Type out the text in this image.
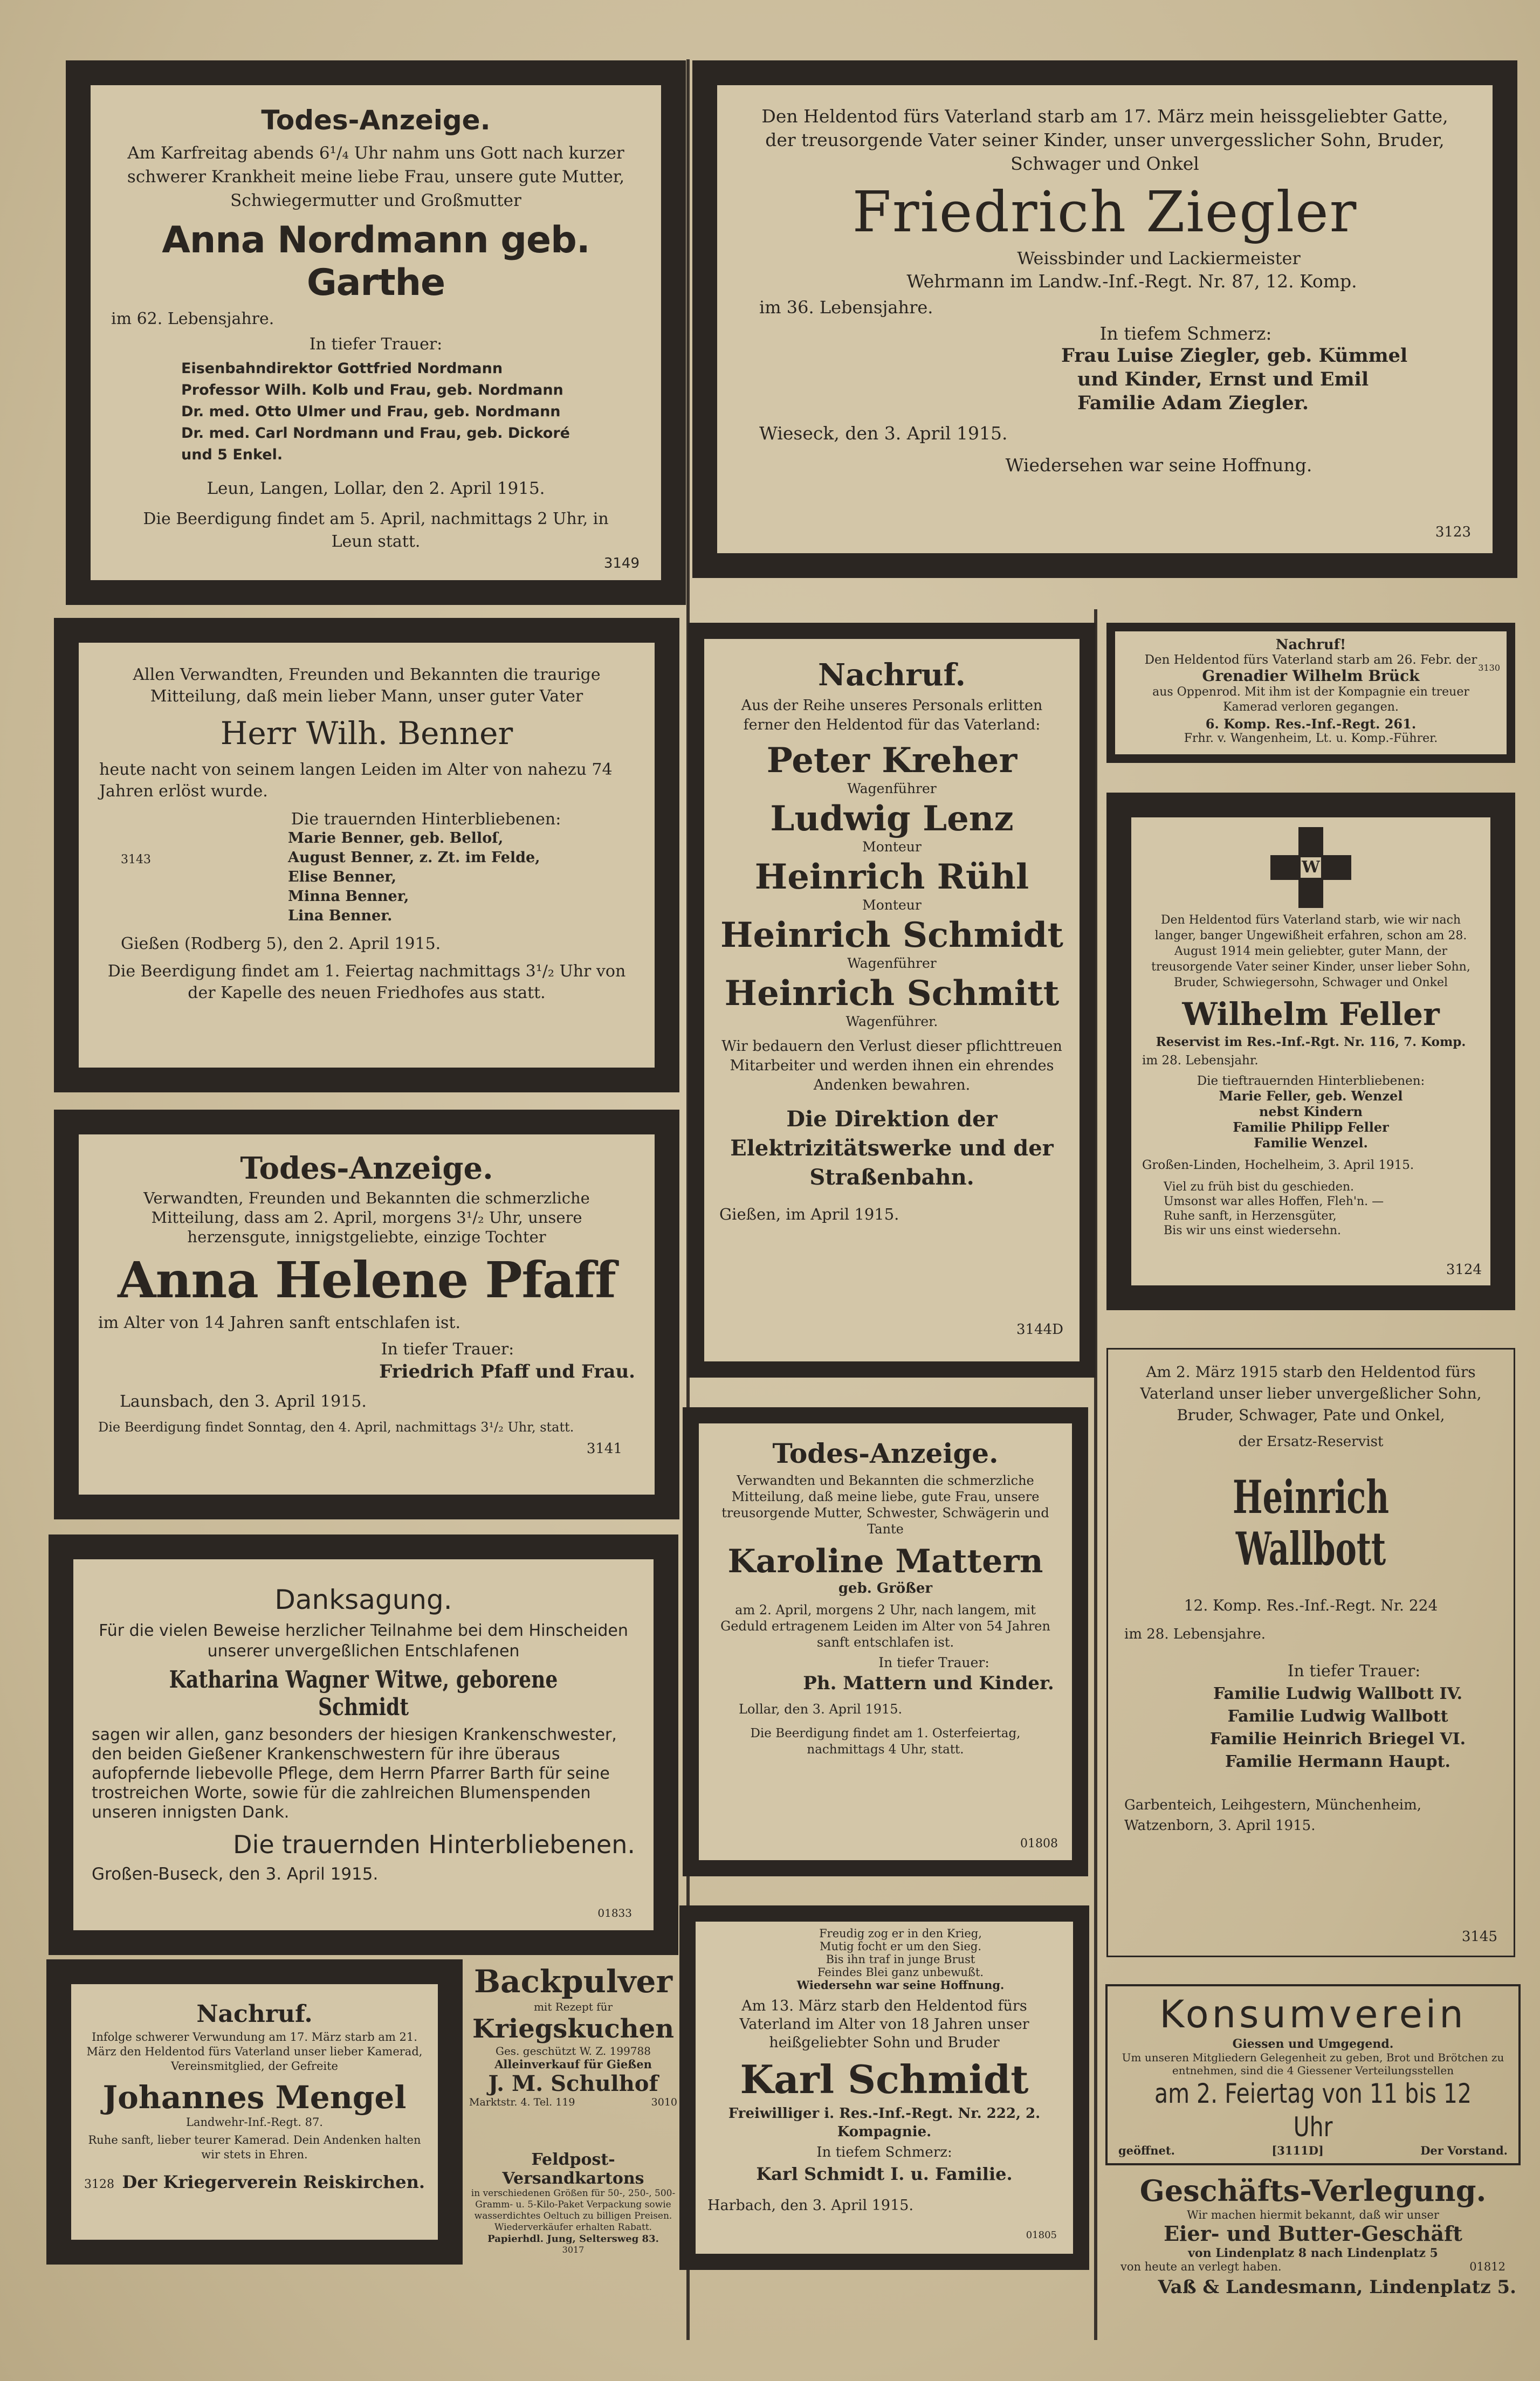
Todes-Anzeige.

Am Karfreitag abends 6¹/₄ Uhr nahm uns Gott nach kurzer schwerer Krankheit meine liebe Frau, unsere gute Mutter, Schwiegermutter und Großmutter

Anna Nordmann geb. Garthe

im 62. Lebensjahre.

In tiefer Trauer:

Eisenbahndirektor Gottfried Nordmann

Professor Wilh. Kolb und Frau, geb. Nordmann

Dr. med. Otto Ulmer und Frau, geb. Nordmann

Dr. med. Carl Nordmann und Frau, geb. Dickoré

und 5 Enkel.

Leun, Langen, Lollar, den 2. April 1915.

Die Beerdigung findet am 5. April, nachmittags 2 Uhr, in Leun statt.

3149

Den Heldentod fürs Vaterland starb am 17. März mein heissgeliebter Gatte, der treusorgende Vater seiner Kinder, unser unvergesslicher Sohn, Bruder, Schwager und Onkel

Friedrich Ziegler

Weissbinder und Lackiermeister

Wehrmann im Landw.-Inf.-Regt. Nr. 87, 12. Komp.

im 36. Lebensjahre.

In tiefem Schmerz:

Frau Luise Ziegler, geb. Kümmel

und Kinder, Ernst und Emil

Familie Adam Ziegler.

Wieseck, den 3. April 1915.

Wiedersehen war seine Hoffnung.

3123

Allen Verwandten, Freunden und Bekannten die traurige Mitteilung, daß mein lieber Mann, unser guter Vater

Herr Wilh. Benner

heute nacht von seinem langen Leiden im Alter von nahezu 74 Jahren erlöst wurde.

Die trauernden Hinterbliebenen:

Marie Benner, geb. Belloſ,

August Benner, z. Zt. im Felde,

Elise Benner,

Minna Benner,

Lina Benner.

3143

Gießen (Rodberg 5), den 2. April 1915.

Die Beerdigung findet am 1. Feiertag nachmittags 3¹/₂ Uhr von der Kapelle des neuen Friedhofes aus statt.

Nachruf.

Aus der Reihe unseres Personals erlitten ferner den Heldentod für das Vaterland:

Peter Kreher

Wagenführer

Ludwig Lenz

Monteur

Heinrich Rühl

Monteur

Heinrich Schmidt

Wagenführer

Heinrich Schmitt

Wagenführer.

Wir bedauern den Verlust dieser pflichttreuen Mitarbeiter und werden ihnen ein ehrendes Andenken bewahren.

Die Direktion der Elektrizitätswerke und der Straßenbahn.

Gießen, im April 1915.

3144D

Nachruf!

Den Heldentod fürs Vaterland starb am 26. Febr. der

Grenadier Wilhelm Brück

aus Oppenrod. Mit ihm ist der Kompagnie ein treuer Kamerad verloren gegangen.

6. Komp. Res.-Inf.-Regt. 261.

Frhr. v. Wangenheim, Lt. u. Komp.-Führer.

3130
W

Den Heldentod fürs Vaterland starb, wie wir nach langer, banger Ungewißheit erfahren, schon am 28. August 1914 mein geliebter, guter Mann, der treusorgende Vater seiner Kinder, unser lieber Sohn, Bruder, Schwiegersohn, Schwager und Onkel

Wilhelm Feller

Reservist im Res.-Inf.-Rgt. Nr. 116, 7. Komp.

im 28. Lebensjahr.

Die tieftrauernden Hinterbliebenen:

Marie Feller, geb. Wenzel

nebst Kindern

Familie Philipp Feller

Familie Wenzel.

Großen-Linden, Hochelheim, 3. April 1915.

Viel zu früh bist du geschieden.

Umsonst war alles Hoffen, Fleh'n. —

Ruhe sanft, in Herzensgüter,

Bis wir uns einst wiedersehn.

3124

Todes-Anzeige.

Verwandten, Freunden und Bekannten die schmerzliche Mitteilung, dass am 2. April, morgens 3¹/₂ Uhr, unsere herzensgute, innigstgeliebte, einzige Tochter

Anna Helene Pfaff

im Alter von 14 Jahren sanft entschlafen ist.

In tiefer Trauer:

Friedrich Pfaff und Frau.

Launsbach, den 3. April 1915.

Die Beerdigung findet Sonntag, den 4. April, nachmittags 3¹/₂ Uhr, statt.

3141	Todes-Anzeige.

Verwandten und Bekannten die schmerzliche Mitteilung, daß meine liebe, gute Frau, unsere treusorgende Mutter, Schwester, Schwägerin und Tante

Karoline Mattern

geb. Größer

am 2. April, morgens 2 Uhr, nach langem, mit Geduld ertragenem Leiden im Alter von 54 Jahren sanft entschlafen ist.

In tiefer Trauer:

Ph. Mattern und Kinder.

Lollar, den 3. April 1915.

Die Beerdigung findet am 1. Osterfeiertag, nachmittags 4 Uhr, statt.

01808

Am 2. März 1915 starb den Heldentod fürs Vaterland unser lieber unvergeßlicher Sohn, Bruder, Schwager, Pate und Onkel,

der Ersatz-Reservist

Heinrich Wallbott

12. Komp. Res.-Inf.-Regt. Nr. 224

im 28. Lebensjahre.

In tiefer Trauer:

Familie Ludwig Wallbott IV.

Familie Ludwig Wallbott

Familie Heinrich Briegel VI.

Familie Hermann Haupt.

Garbenteich, Leihgestern, Münchenheim, Watzenborn, 3. April 1915.

3145

Danksagung.

Für die vielen Beweise herzlicher Teilnahme bei dem Hinscheiden unserer unvergeßlichen Entschlafenen

Katharina Wagner Witwe, geborene Schmidt

sagen wir allen, ganz besonders der hiesigen Krankenschwester, den beiden Gießener Krankenschwestern für ihre überaus aufopfernde liebevolle Pflege, dem Herrn Pfarrer Barth für seine trostreichen Worte, sowie für die zahlreichen Blumenspenden unseren innigsten Dank.

Die trauernden Hinterbliebenen.

Großen-Buseck, den 3. April 1915.

01833

Nachruf.

Infolge schwerer Verwundung am 17. März starb am 21. März den Heldentod fürs Vaterland unser lieber Kamerad, Vereinsmitglied, der Gefreite

Johannes Mengel

Landwehr-Inf.-Regt. 87.

Ruhe sanft, lieber teurer Kamerad. Dein Andenken halten wir stets in Ehren.

3128 Der Kriegerverein Reiskirchen.

Backpulver

mit Rezept für

Kriegskuchen

Ges. geschützt W. Z. 199788

Alleinverkauf für Gießen

J. M. Schulhof

Marktstr. 4. Tel. 119	3010

Feldpost-Versandkartons

in verschiedenen Größen für 50-, 250-, 500-Gramm- u. 5-Kilo-Paket Verpackung sowie wasserdichtes Oeltuch zu billigen Preisen. Wiederverkäufer erhalten Rabatt.

Papierhdl. Jung, Seltersweg 83.

3017

Freudig zog er in den Krieg,

Mutig focht er um den Sieg.

Bis ihn traf in junge Brust

Feindes Blei ganz unbewußt.

Wiedersehn war seine Hoffnung.

Am 13. März starb den Heldentod fürs Vaterland im Alter von 18 Jahren unser heißgeliebter Sohn und Bruder

Karl Schmidt

Freiwilliger i. Res.-Inf.-Regt. Nr. 222, 2. Kompagnie.

In tiefem Schmerz:

Karl Schmidt I. u. Familie.

Harbach, den 3. April 1915.

01805

Konsumverein

Giessen und Umgegend.

Um unseren Mitgliedern Gelegenheit zu geben, Brot und Brötchen zu entnehmen, sind die 4 Giessener Verteilungsstellen

am 2. Feiertag von 11 bis 12 Uhr

geöffnet.	[3111D]	Der Vorstand.

Geschäfts-Verlegung.

Wir machen hiermit bekannt, daß wir unser

Eier- und Butter-Geschäft

von Lindenplatz 8 nach Lindenplatz 5

von heute an verlegt haben.	01812

Vaß & Landesmann, Lindenplatz 5.
